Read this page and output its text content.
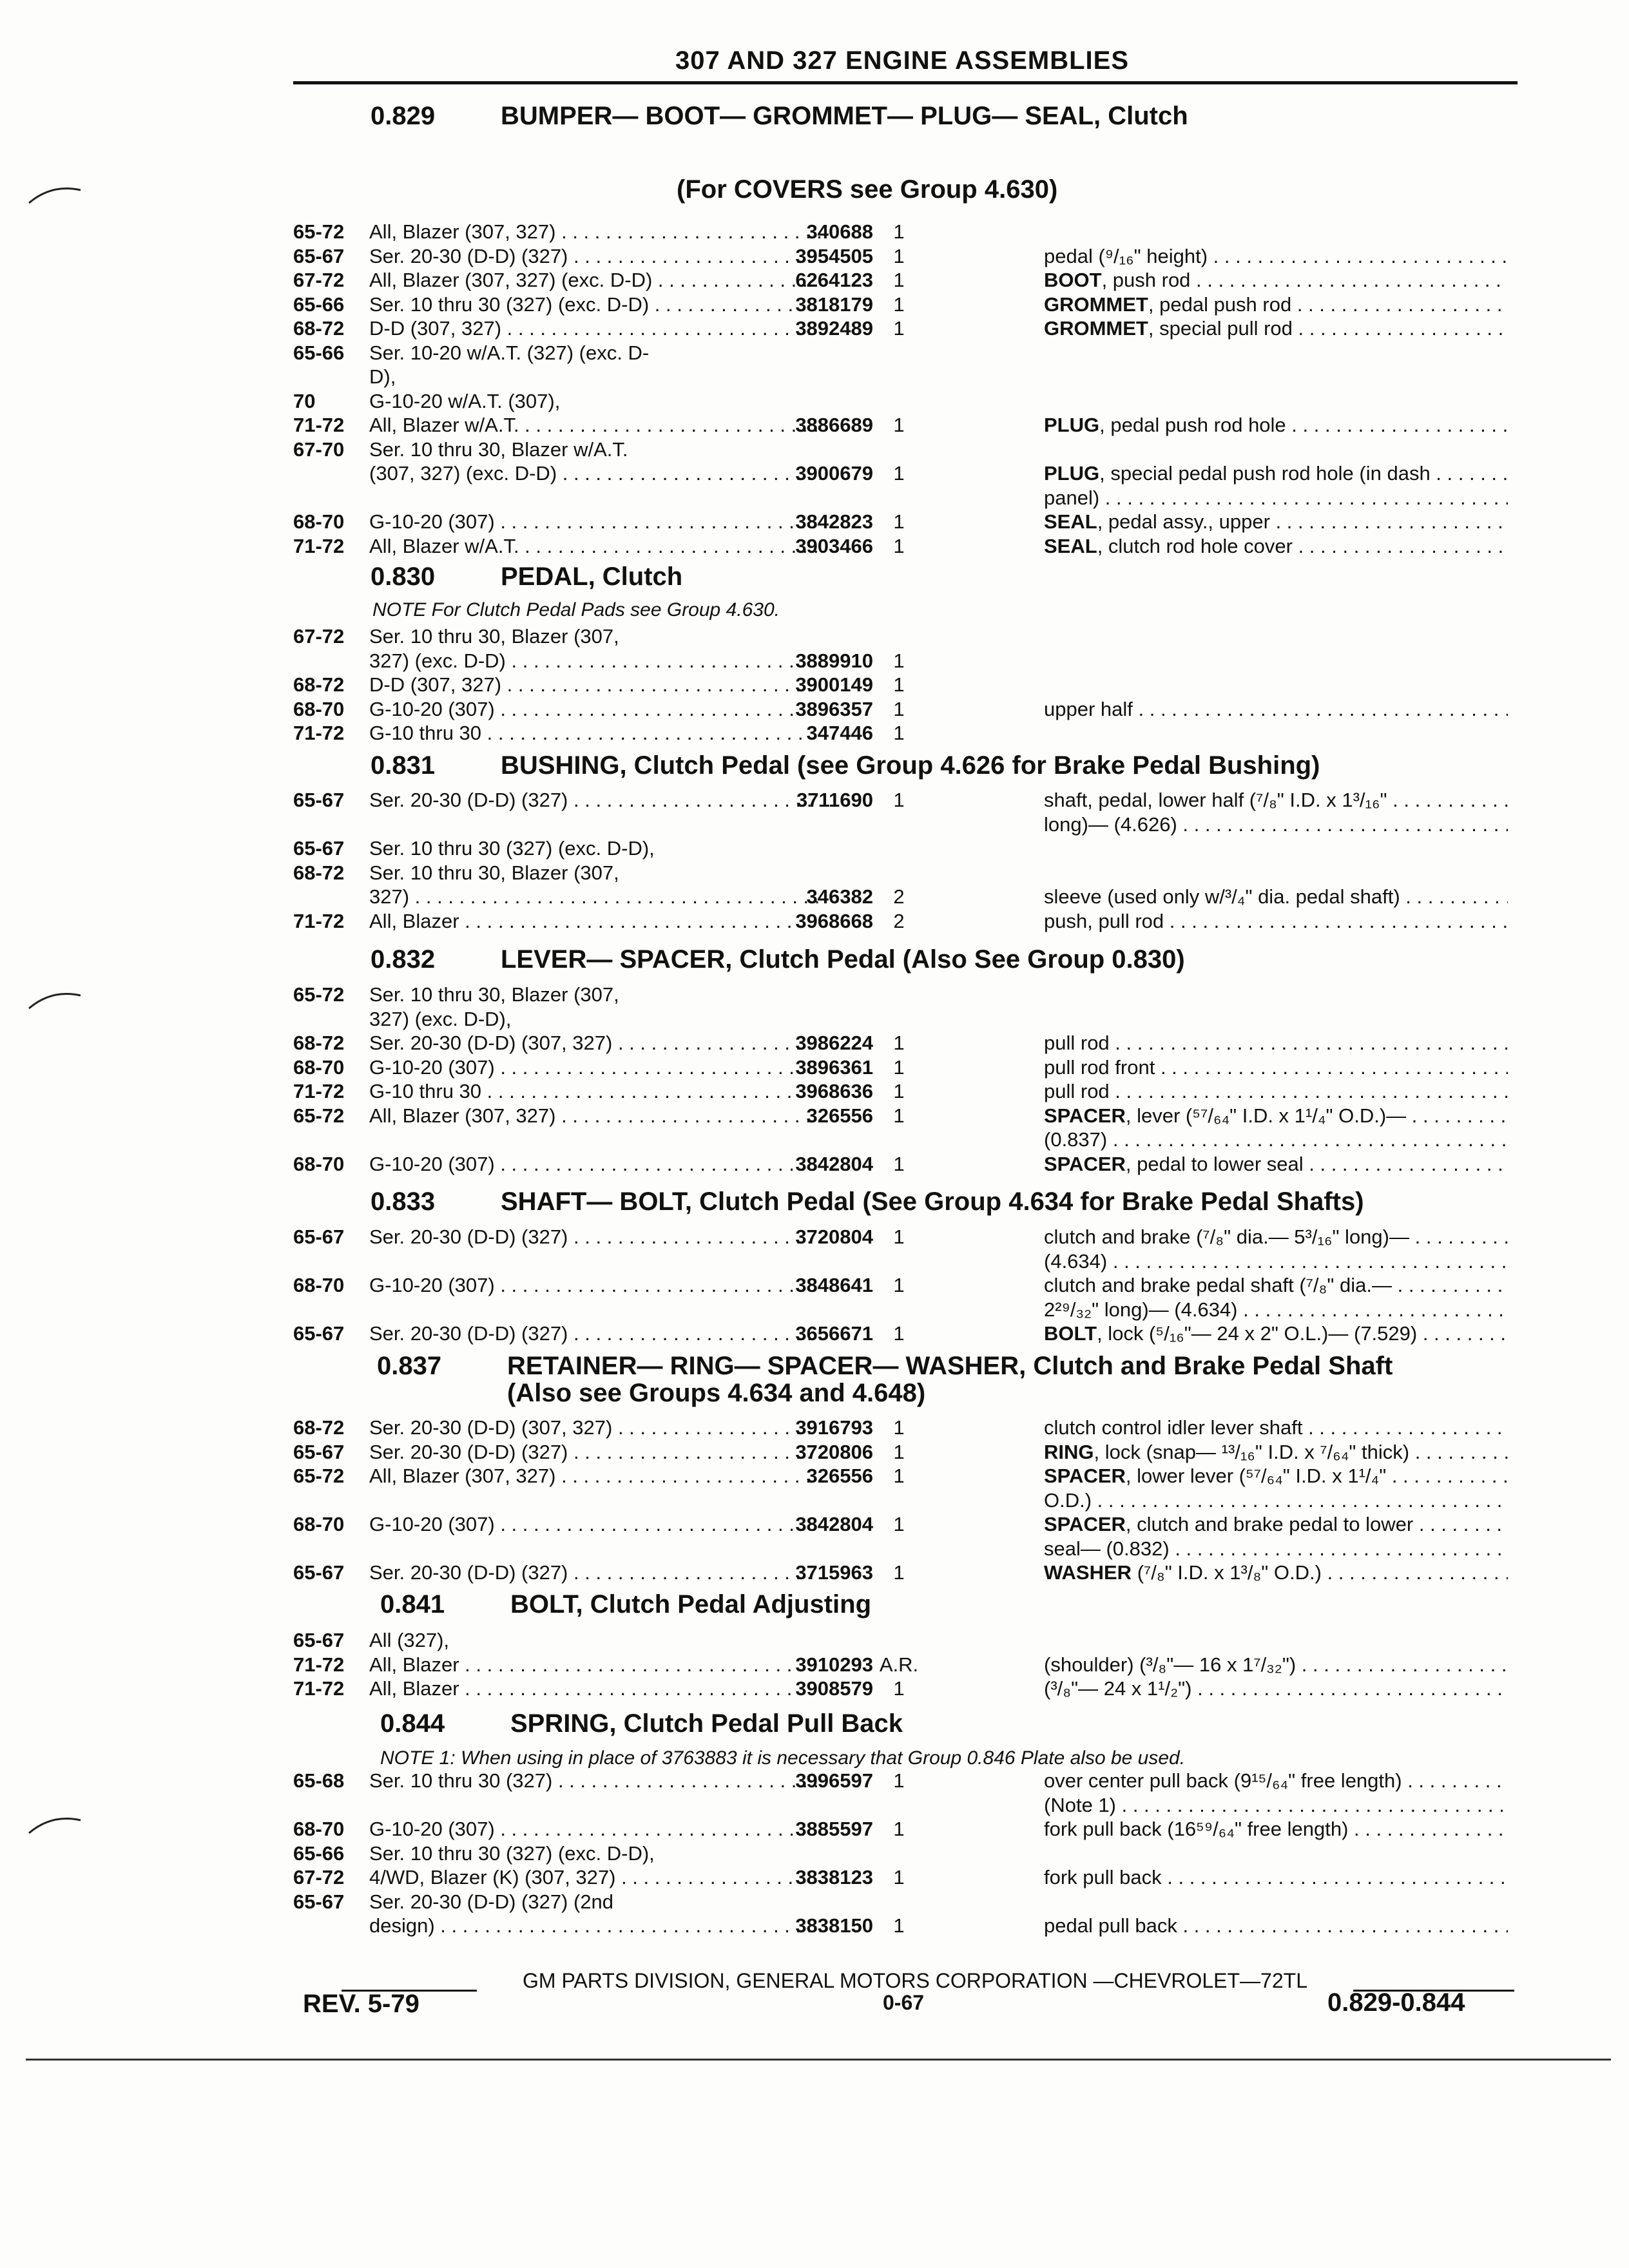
307 AND 327 ENGINE ASSEMBLIES
0.829	BUMPER— BOOT— GROMMET— PLUG— SEAL, Clutch
(For COVERS see Group 4.630)
65-72 All, Blazer (307, 327) . . .	340688	1
65-67 Ser. 20-30 (D-D) (327) . . .	3954505	1	pedal (⁹/₁₆" height) . . .
67-72 All, Blazer (307, 327) (exc. D-D) . . .	6264123	1	BOOT, push rod . . .
65-66 Ser. 10 thru 30 (327) (exc. D-D) . . .	3818179	1	GROMMET, pedal push rod . . .
68-72 D-D (307, 327) . . .	3892489	1	GROMMET, special pull rod . . .
65-66 Ser. 10-20 w/A.T. (327) (exc. D-
D),
70	G-10-20 w/A.T. (307),
71-72 All, Blazer w/A.T. . . .	3886689	1	PLUG, pedal push rod hole . . .
67-70 Ser. 10 thru 30, Blazer w/A.T.
(307, 327) (exc. D-D) . . .	3900679	1	PLUG, special pedal push rod hole (in dash . . .
panel) . . .
68-70 G-10-20 (307) . . .	3842823	1	SEAL, pedal assy., upper . . .
71-72 All, Blazer w/A.T. . . .	3903466	1	SEAL, clutch rod hole cover . . .
0.830	PEDAL, Clutch
NOTE For Clutch Pedal Pads see Group 4.630.
67-72 Ser. 10 thru 30, Blazer (307,
327) (exc. D-D) . . .	3889910	1
68-72 D-D (307, 327) . . .	3900149	1
68-70 G-10-20 (307) . . .	3896357	1	upper half . . .
71-72 G-10 thru 30 . . .	347446	1
0.831	BUSHING, Clutch Pedal (see Group 4.626 for Brake Pedal Bushing)
65-67 Ser. 20-30 (D-D) (327) . . .	3711690	1	shaft, pedal, lower half (⁷/₈" I.D. x 1³/₁₆" . . .
long)— (4.626) . . .
65-67 Ser. 10 thru 30 (327) (exc. D-D),
68-72 Ser. 10 thru 30, Blazer (307,
327) . . .	346382	2	sleeve (used only w/³/₄" dia. pedal shaft) . . .
71-72 All, Blazer . . .	3968668	2	push, pull rod . . .
0.832	LEVER— SPACER, Clutch Pedal (Also See Group 0.830)
65-72 Ser. 10 thru 30, Blazer (307,
327) (exc. D-D),
68-72 Ser. 20-30 (D-D) (307, 327) . . .	3986224	1	pull rod . . .
68-70 G-10-20 (307) . . .	3896361	1	pull rod front . . .
71-72 G-10 thru 30 . . .	3968636	1	pull rod . . .
65-72 All, Blazer (307, 327) . . .	326556	1	SPACER, lever (⁵⁷/₆₄" I.D. x 1¹/₄" O.D.)— . . .
(0.837) . . .
68-70 G-10-20 (307) . . .	3842804	1	SPACER, pedal to lower seal . . .
0.833	SHAFT— BOLT, Clutch Pedal (See Group 4.634 for Brake Pedal Shafts)
65-67 Ser. 20-30 (D-D) (327) . . .	3720804	1	clutch and brake (⁷/₈" dia.— 5³/₁₆" long)— . . .
(4.634) . . .
68-70 G-10-20 (307) . . .	3848641	1	clutch and brake pedal shaft (⁷/₈" dia.— . . .
2²⁹/₃₂" long)— (4.634) . . .
65-67 Ser. 20-30 (D-D) (327) . . .	3656671	1	BOLT, lock (⁵/₁₆"— 24 x 2" O.L.)— (7.529) . . .
0.837	RETAINER— RING— SPACER— WASHER, Clutch and Brake Pedal Shaft
(Also see Groups 4.634 and 4.648)
68-72 Ser. 20-30 (D-D) (307, 327) . . .	3916793	1	clutch control idler lever shaft . . .
65-67 Ser. 20-30 (D-D) (327) . . .	3720806	1	RING, lock (snap— ¹³/₁₆" I.D. x ⁷/₆₄" thick) . . .
65-72 All, Blazer (307, 327) . . .	326556	1	SPACER, lower lever (⁵⁷/₆₄" I.D. x 1¹/₄" . . .
O.D.) . . .
68-70 G-10-20 (307) . . .	3842804	1	SPACER, clutch and brake pedal to lower . . .
seal— (0.832) . . .
65-67 Ser. 20-30 (D-D) (327) . . .	3715963	1	WASHER (⁷/₈" I.D. x 1³/₈" O.D.) . . .
0.841	BOLT, Clutch Pedal Adjusting
65-67 All (327),
71-72 All, Blazer . . .	3910293 A.R.	(shoulder) (³/₈"— 16 x 1⁷/₃₂") . . .
71-72 All, Blazer . . .	3908579	1	(³/₈"— 24 x 1¹/₂") . . .
0.844	SPRING, Clutch Pedal Pull Back
NOTE 1: When using in place of 3763883 it is necessary that Group 0.846 Plate also be used.
65-68 Ser. 10 thru 30 (327) . . .	3996597	1	over center pull back (9¹⁵/₆₄" free length) . . .
(Note 1) . . .
68-70 G-10-20 (307) . . .	3885597	1	fork pull back (16⁵⁹/₆₄" free length) . . .
65-66 Ser. 10 thru 30 (327) (exc. D-D),
67-72 4/WD, Blazer (K) (307, 327) . . .	3838123	1	fork pull back . . .
65-67 Ser. 20-30 (D-D) (327) (2nd
design) . . .	3838150	1	pedal pull back . . .
GM PARTS DIVISION, GENERAL MOTORS CORPORATION —CHEVROLET—72TL
REV. 5-79	0-67	0.829-0.844
